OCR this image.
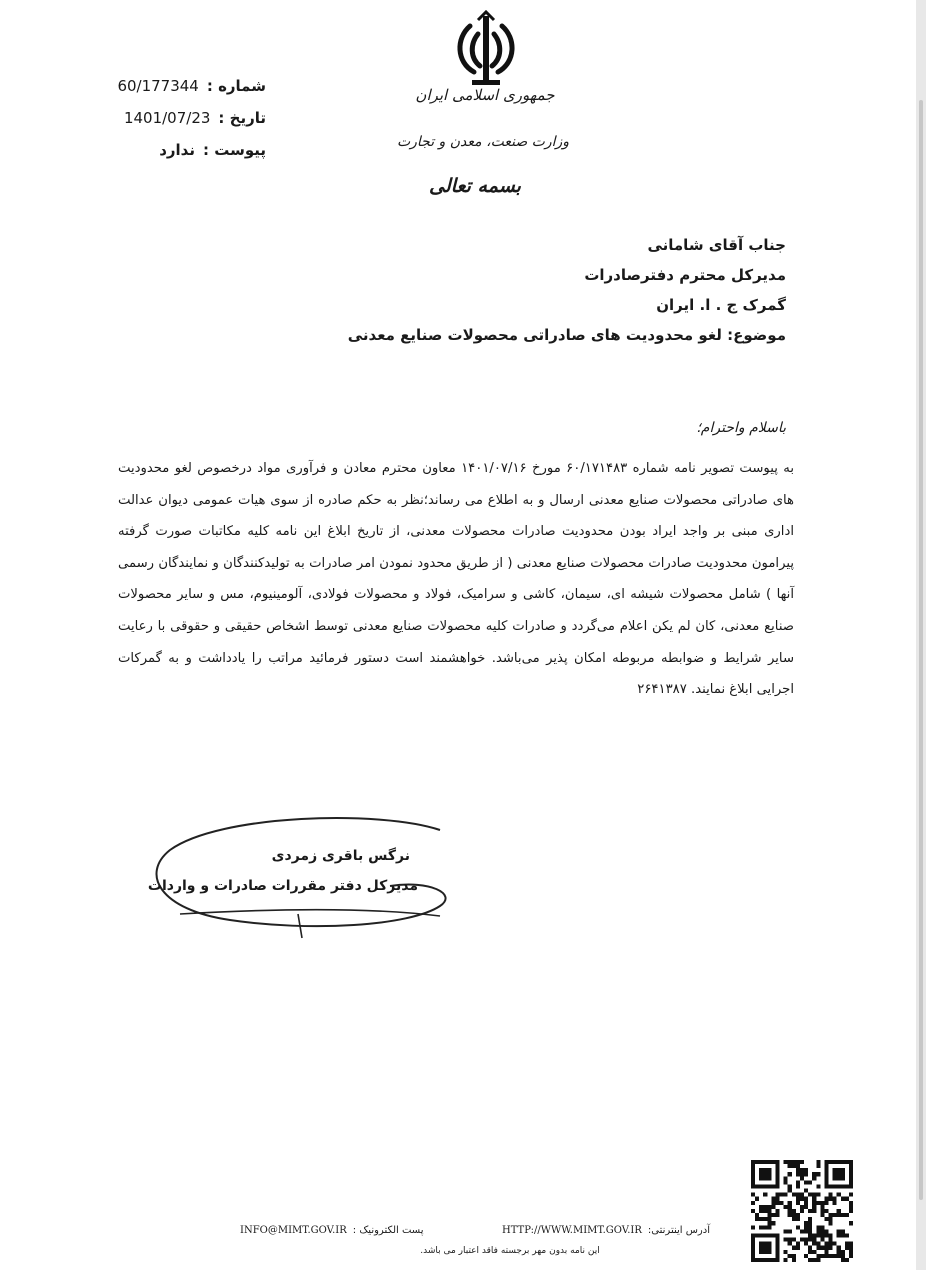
جمهوری اسلامی ایران
وزارت صنعت، معدن و تجارت
بسمه تعالی
شماره :
60/177344
تاریخ :
1401/07/23
پیوست :
ندارد
جناب آقای شامانی
مدیرکل محترم دفترصادرات
گمرک ج . ا. ایران
موضوع: لغو محدودیت های صادراتی محصولات صنایع معدنی
باسلام واحترام؛
به پیوست تصویر نامه شماره ۶۰/۱۷۱۴۸۳ مورخ ۱۴۰۱/۰۷/۱۶ معاون محترم معادن و فرآوری مواد درخصوص لغو محدودیت های صادراتی محصولات صنایع معدنی ارسال و به اطلاع می رساند؛نظر به حکم صادره از سوی هیات عمومی دیوان عدالت اداری مبنی بر واجد ایراد بودن محدودیت صادرات محصولات معدنی، از تاریخ ابلاغ این نامه کلیه مکاتبات صورت گرفته پیرامون محدودیت صادرات محصولات صنایع معدنی ( از طریق محدود نمودن امر صادرات به تولیدکنندگان و نمایندگان رسمی آنها ) شامل محصولات شیشه ای، سیمان، کاشی و سرامیک، فولاد و محصولات فولادی، آلومینیوم، مس و سایر محصولات صنایع معدنی، کان لم یکن اعلام می‌گردد و صادرات کلیه محصولات صنایع معدنی توسط اشخاص حقیقی و حقوقی با رعایت سایر شرایط و ضوابطه مربوطه امکان پذیر می‌باشد. خواهشمند است دستور فرمائید مراتب را یادداشت و به گمرکات اجرایی ابلاغ نمایند. ۲۶۴۱۳۸۷
نرگس باقری زمردی
مدیرکل دفتر مقررات صادرات و واردات
INFO@MIMT.GOV.IR پست الکترونیک :	HTTP://WWW.MIMT.GOV.IR آدرس اینترنتی:
این نامه بدون مهر برجسته فاقد اعتبار می باشد.
